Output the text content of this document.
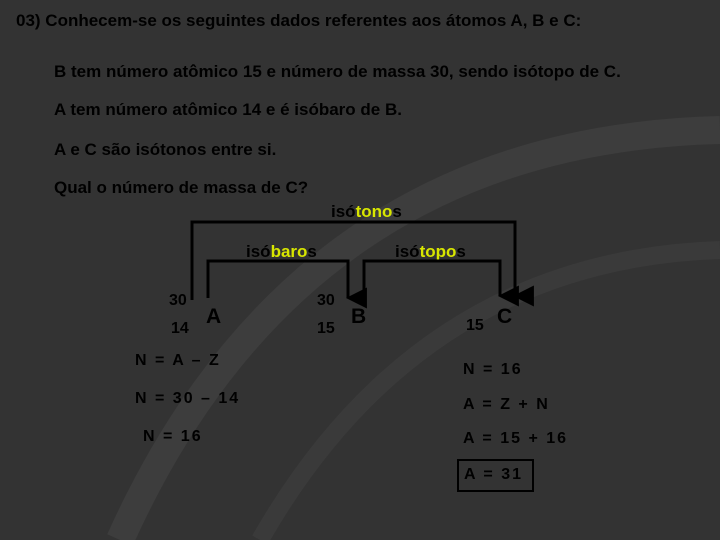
03) Conhecem-se os seguintes dados referentes aos átomos A, B e C:

B tem número atômico 15 e número de massa 30, sendo isótopo de C.

A tem número atômico 14 e é isóbaro de B.

A e C são isótonos entre si.

Qual o número de massa de C?

isótonos

isóbaros	isótopos

30

14

A

30

15

B	15 C

N = A – Z

N = 30 – 14

N = 16

N = 16

A = Z + N

A = 15 + 16

A = 31
